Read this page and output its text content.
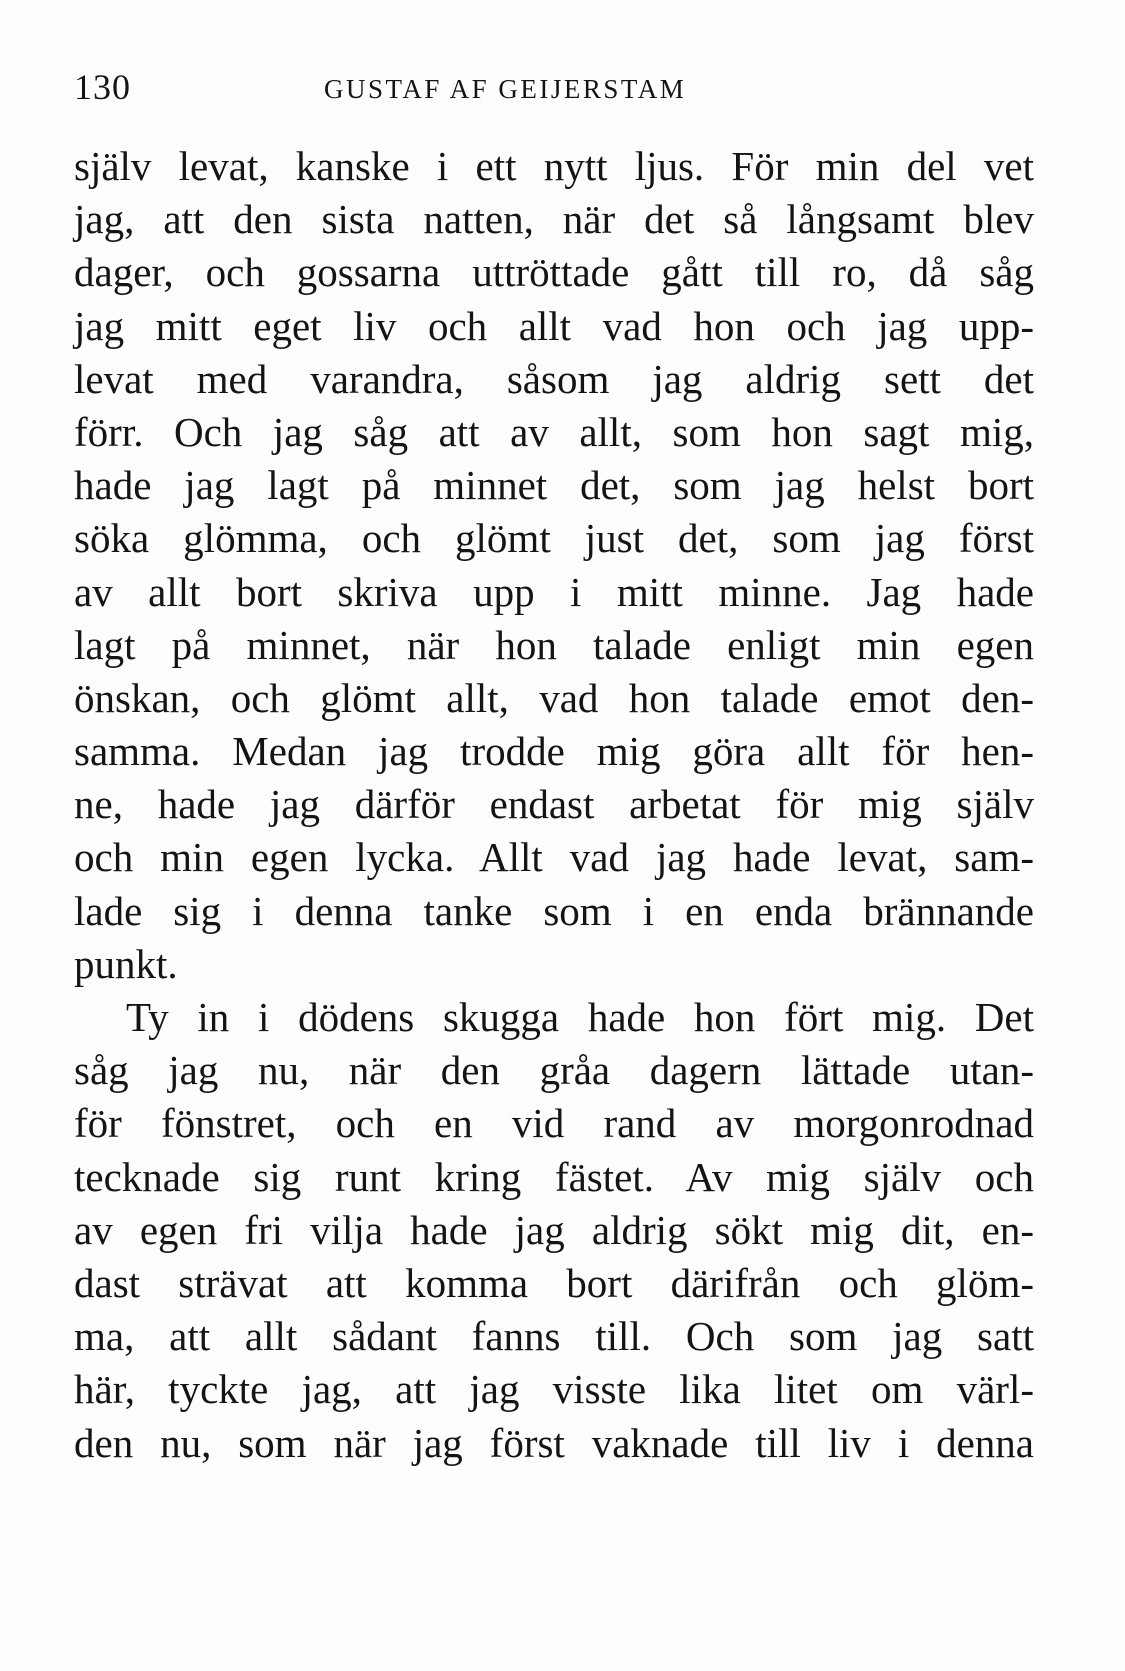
130	GUSTAF AF GEIJERSTAM
själv levat, kanske i ett nytt ljus. För min del vet
jag, att den sista natten, när det så långsamt blev
dager, och gossarna uttröttade gått till ro, då såg
jag mitt eget liv och allt vad hon och jag upp-
levat med varandra, såsom jag aldrig sett det
förr. Och jag såg att av allt, som hon sagt mig,
hade jag lagt på minnet det, som jag helst bort
söka glömma, och glömt just det, som jag först
av allt bort skriva upp i mitt minne. Jag hade
lagt på minnet, när hon talade enligt min egen
önskan, och glömt allt, vad hon talade emot den-
samma. Medan jag trodde mig göra allt för hen-
ne, hade jag därför endast arbetat för mig själv
och min egen lycka. Allt vad jag hade levat, sam-
lade sig i denna tanke som i en enda brännande
punkt.
Ty in i dödens skugga hade hon fört mig. Det
såg jag nu, när den gråa dagern lättade utan-
för fönstret, och en vid rand av morgonrodnad
tecknade sig runt kring fästet. Av mig själv och
av egen fri vilja hade jag aldrig sökt mig dit, en-
dast strävat att komma bort därifrån och glöm-
ma, att allt sådant fanns till. Och som jag satt
här, tyckte jag, att jag visste lika litet om värl-
den nu, som när jag först vaknade till liv i denna
